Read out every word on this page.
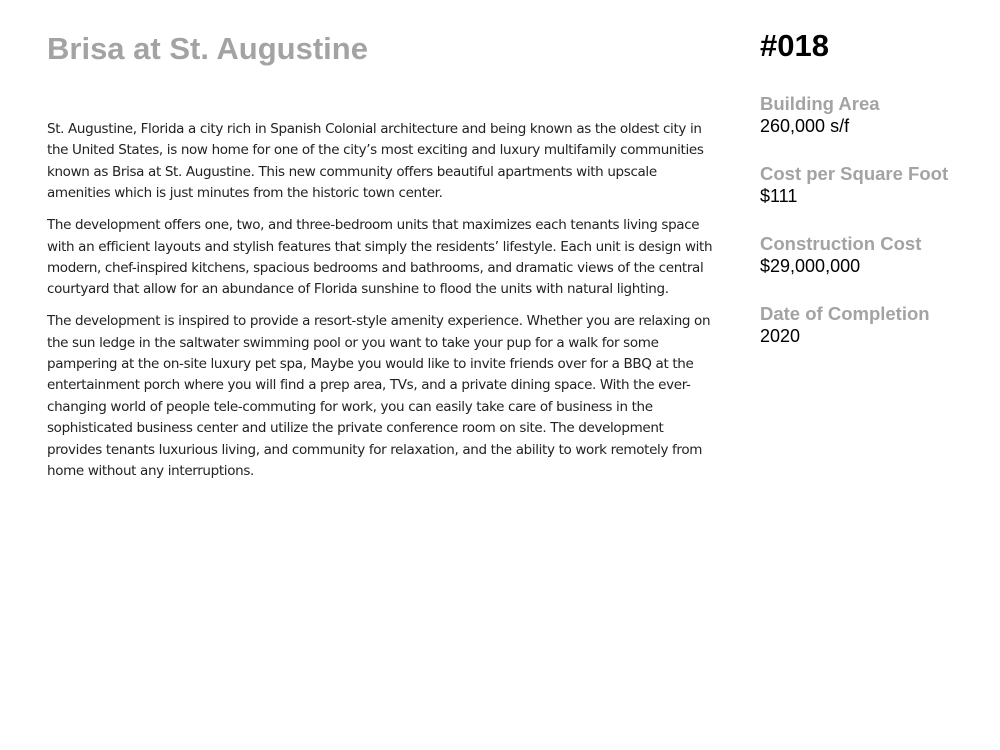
Brisa at St. Augustine

St. Augustine, Florida a city rich in Spanish Colonial architecture and being known as the oldest city in the United States, is now home for one of the city’s most exciting and luxury multifamily communities known as Brisa at St. Augustine. This new community offers beautiful apartments with upscale amenities which is just minutes from the historic town center.

The development offers one, two, and three-bedroom units that maximizes each tenants living space with an efficient layouts and stylish features that simply the residents’ lifestyle. Each unit is design with modern, chef-inspired kitchens, spacious bedrooms and bathrooms, and dramatic views of the central courtyard that allow for an abundance of Florida sunshine to flood the units with natural lighting.

The development is inspired to provide a resort-style amenity experience. Whether you are relaxing on the sun ledge in the saltwater swimming pool or you want to take your pup for a walk for some pampering at the on-site luxury pet spa, Maybe you would like to invite friends over for a BBQ at the entertainment porch where you will find a prep area, TVs, and a private dining space. With the ever-changing world of people tele-commuting for work, you can easily take care of business in the sophisticated business center and utilize the private conference room on site. The development provides tenants luxurious living, and community for relaxation, and the ability to work remotely from home without any interruptions.

#018
Building Area
260,000 s/f
Cost per Square Foot
$111
Construction Cost
$29,000,000
Date of Completion
2020
